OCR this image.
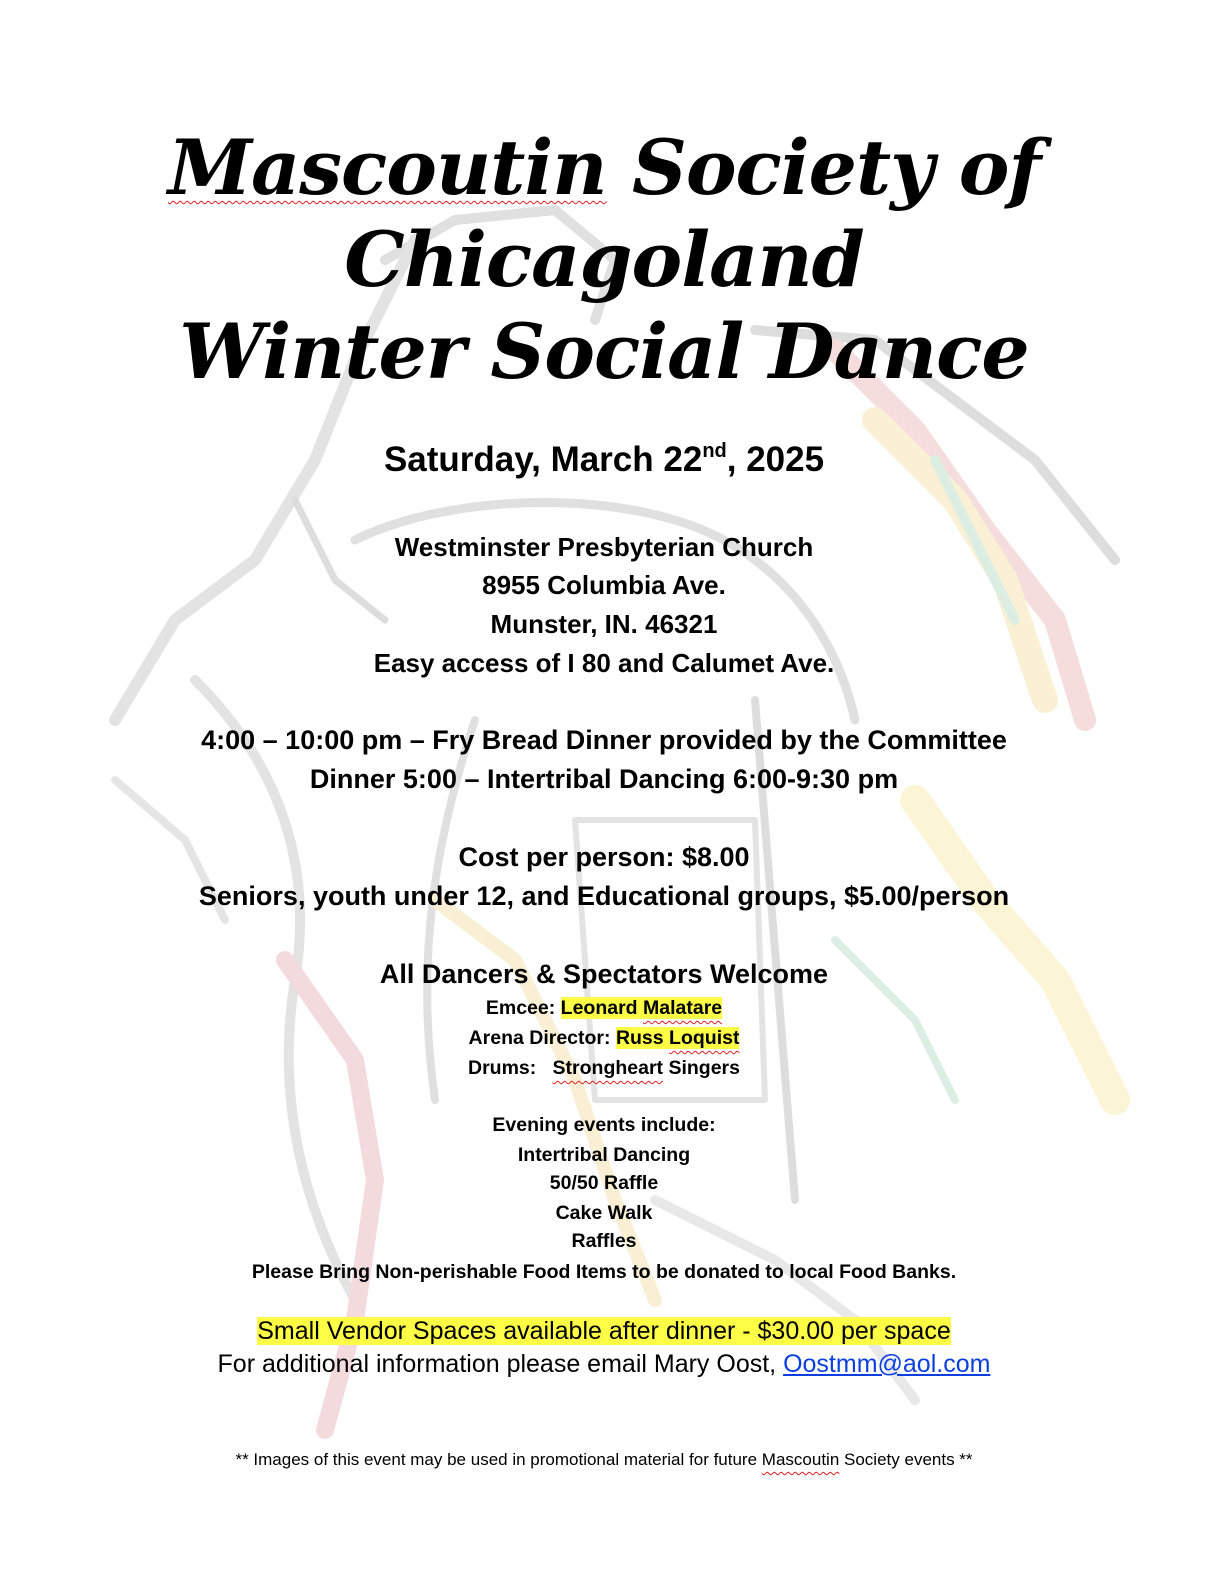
Mascoutin Society of
Chicagoland
Winter Social Dance
Saturday, March 22nd, 2025
Westminster Presbyterian Church
8955 Columbia Ave.
Munster, IN. 46321
Easy access of I 80 and Calumet Ave.
4:00 – 10:00 pm – Fry Bread Dinner provided by the Committee
Dinner 5:00 – Intertribal Dancing 6:00-9:30 pm
Cost per person: $8.00
Seniors, youth under 12, and Educational groups, $5.00/person
All Dancers & Spectators Welcome
Emcee: Leonard Malatare
Arena Director: Russ Loquist
Drums: Strongheart Singers
Evening events include:
Intertribal Dancing
50/50 Raffle
Cake Walk
Raffles
Please Bring Non-perishable Food Items to be donated to local Food Banks.
Small Vendor Spaces available after dinner - $30.00 per space
For additional information please email Mary Oost, Oostmm@aol.com
** Images of this event may be used in promotional material for future Mascoutin Society events **
